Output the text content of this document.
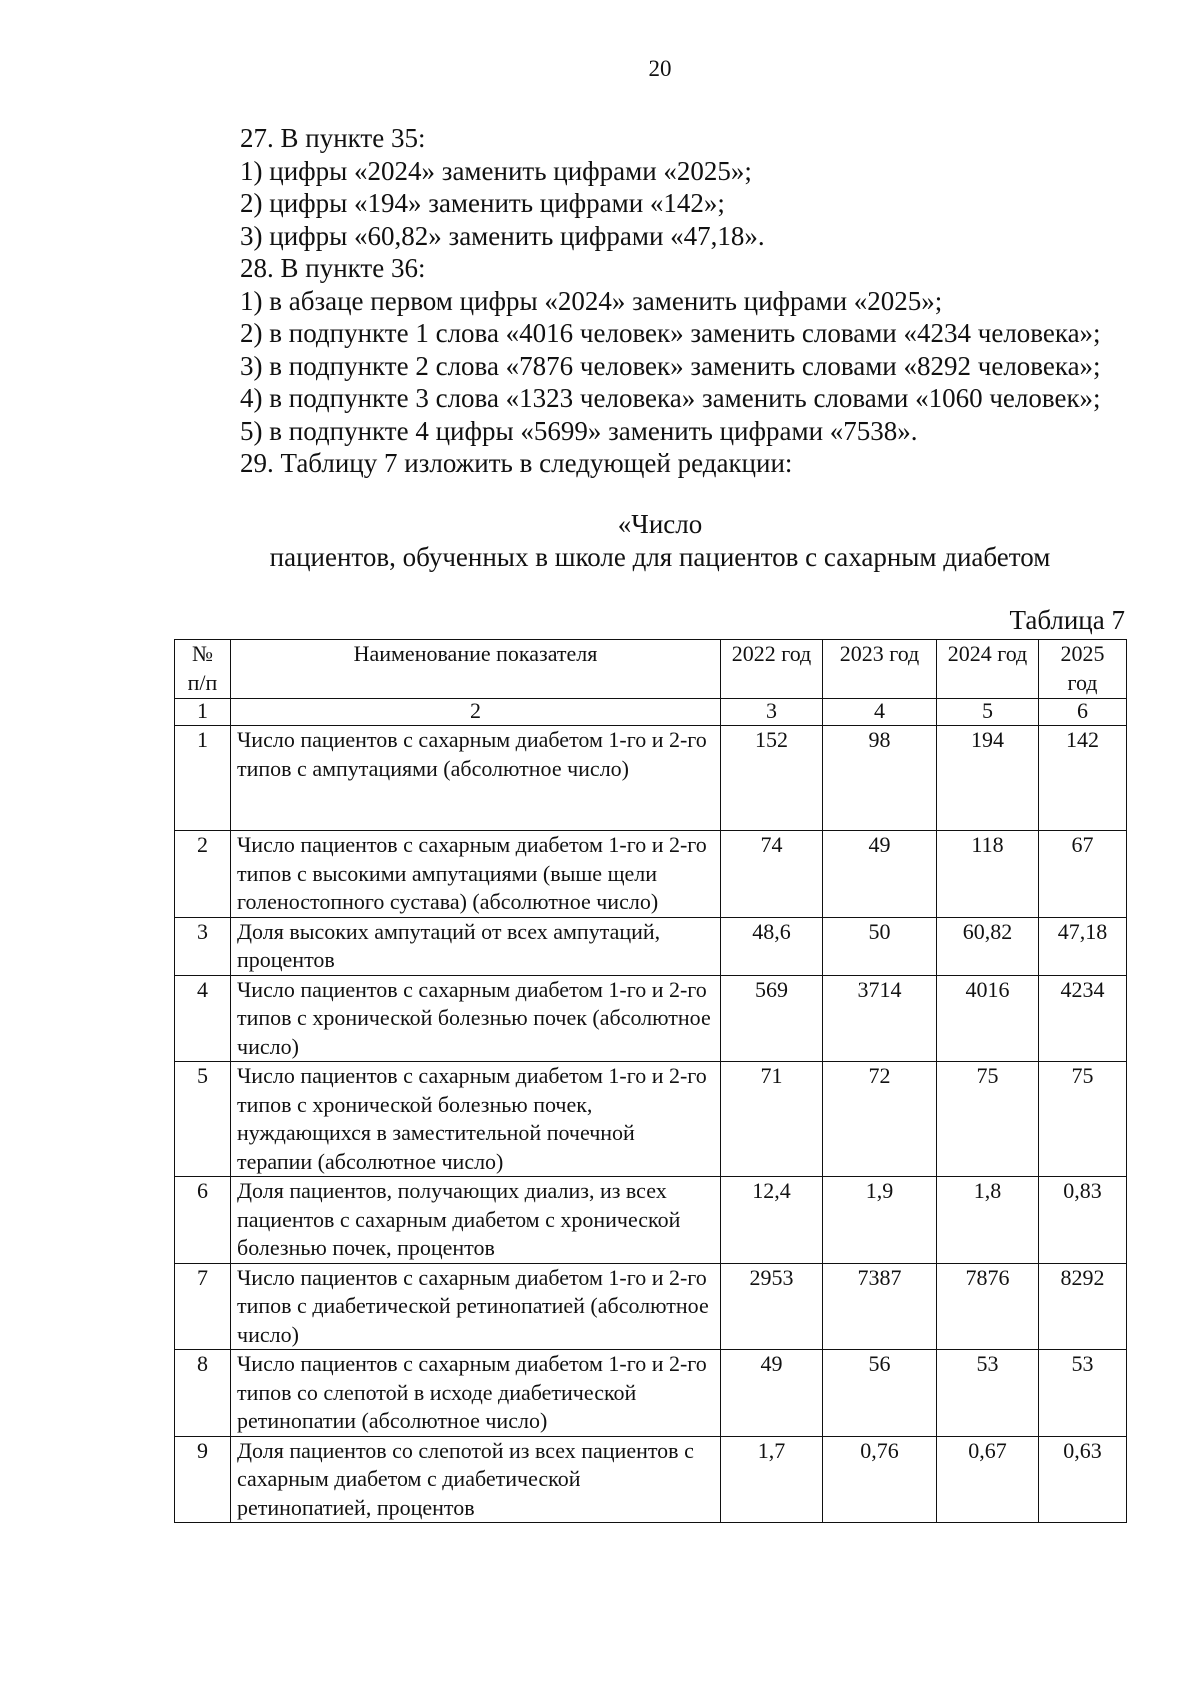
20
27. В пункте 35:
1) цифры «2024» заменить цифрами «2025»;
2) цифры «194» заменить цифрами «142»;
3) цифры «60,82» заменить цифрами «47,18».
28. В пункте 36:
1) в абзаце первом цифры «2024» заменить цифрами «2025»;
2) в подпункте 1 слова «4016 человек» заменить словами «4234 человека»;
3) в подпункте 2 слова «7876 человек» заменить словами «8292 человека»;
4) в подпункте 3 слова «1323 человека» заменить словами «1060 человек»;
5) в подпункте 4 цифры «5699» заменить цифрами «7538».
29. Таблицу 7 изложить в следующей редакции:
«Число
пациентов, обученных в школе для пациентов с сахарным диабетом
Таблица 7
№ п/п	Наименование показателя	2022 год	2023 год	2024 год	2025 год
1	2	3	4	5	6
1	Число пациентов с сахарным диабетом 1-го и 2-го типов с ампутациями (абсолютное число)	152	98	194	142
2	Число пациентов с сахарным диабетом 1-го и 2-го типов с высокими ампутациями (выше щели голеностопного сустава) (абсолютное число)	74	49	118	67
3	Доля высоких ампутаций от всех ампутаций, процентов	48,6	50	60,82	47,18
4	Число пациентов с сахарным диабетом 1-го и 2-го типов с хронической болезнью почек (абсолютное число)	569	3714	4016	4234
5	Число пациентов с сахарным диабетом 1-го и 2-го типов с хронической болезнью почек, нуждающихся в заместительной почечной терапии (абсолютное число)	71	72	75	75
6	Доля пациентов, получающих диализ, из всех пациентов с сахарным диабетом с хронической болезнью почек, процентов	12,4	1,9	1,8	0,83
7	Число пациентов с сахарным диабетом 1-го и 2-го типов с диабетической ретинопатией (абсолютное число)	2953	7387	7876	8292
8	Число пациентов с сахарным диабетом 1-го и 2-го типов со слепотой в исходе диабетической ретинопатии (абсолютное число)	49	56	53	53
9	Доля пациентов со слепотой из всех пациентов с сахарным диабетом с диабетической ретинопатией, процентов	1,7	0,76	0,67	0,63
